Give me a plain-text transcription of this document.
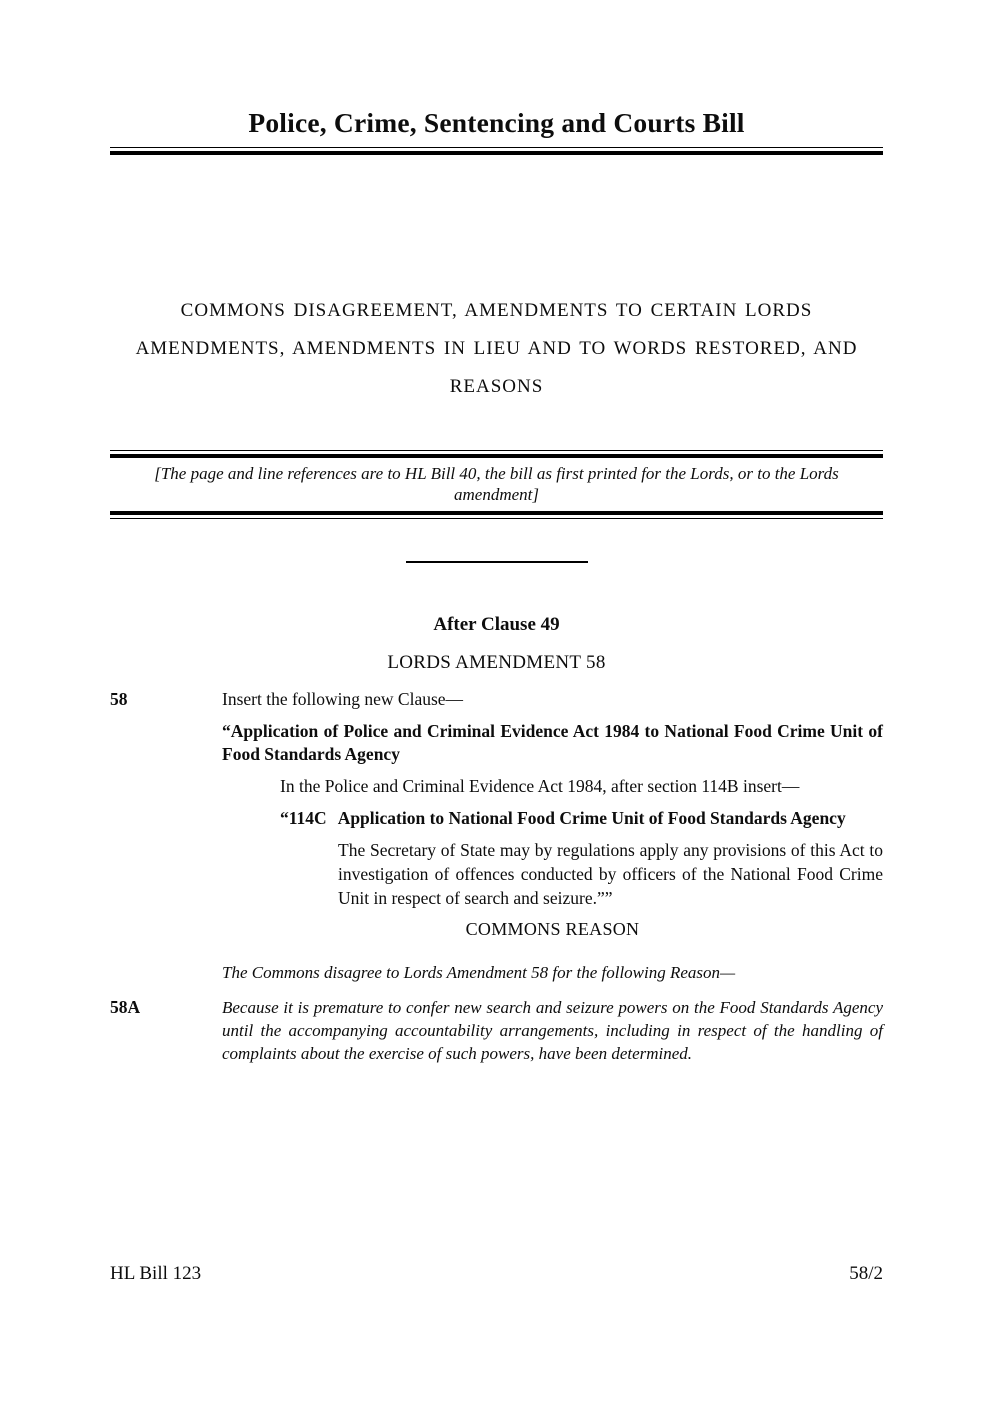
Police, Crime, Sentencing and Courts Bill
COMMONS DISAGREEMENT, AMENDMENTS TO CERTAIN LORDS
AMENDMENTS, AMENDMENTS IN LIEU AND TO WORDS RESTORED, AND
REASONS
[The page and line references are to HL Bill 40, the bill as first printed for the Lords, or to the Lords amendment]
After Clause 49
LORDS AMENDMENT 58
58	Insert the following new Clause—
“Application of Police and Criminal Evidence Act 1984 to National Food Crime Unit of Food Standards Agency
In the Police and Criminal Evidence Act 1984, after section 114B insert—
“114C Application to National Food Crime Unit of Food Standards Agency
The Secretary of State may by regulations apply any provisions of this Act to investigation of offences conducted by officers of the National Food Crime Unit in respect of search and seizure.””
COMMONS REASON
The Commons disagree to Lords Amendment 58 for the following Reason—
58A	Because it is premature to confer new search and seizure powers on the Food Standards Agency until the accompanying accountability arrangements, including in respect of the handling of complaints about the exercise of such powers, have been determined.
HL Bill 123	58/2
